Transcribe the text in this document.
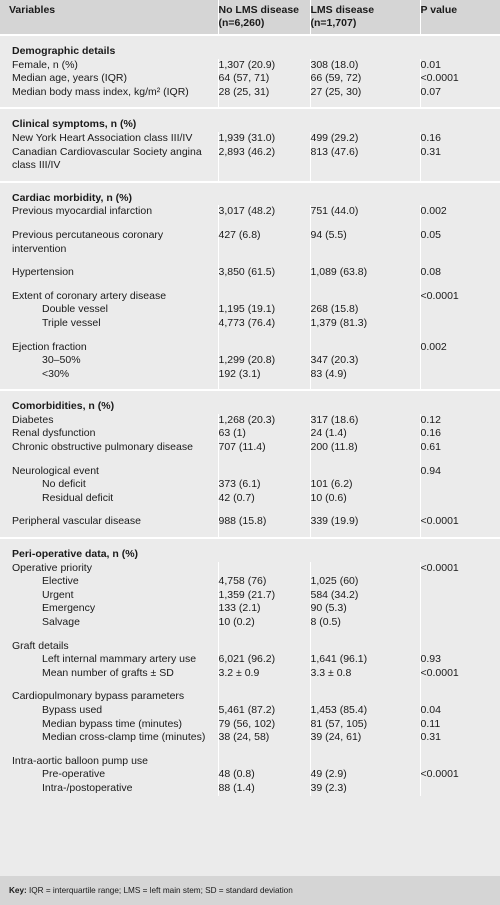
Variables	No LMS disease (n=6,260)	LMS disease (n=1,707)	P value
Demographic details			
Female, n (%)	1,307 (20.9)	308 (18.0)	0.01
Median age, years (IQR)	64 (57, 71)	66 (59, 72)	<0.0001
Median body mass index, kg/m² (IQR)	28 (25, 31)	27 (25, 30)	0.07
Clinical symptoms, n (%)			
New York Heart Association class III/IV	1,939 (31.0)	499 (29.2)	0.16
Canadian Cardiovascular Society angina class III/IV	2,893 (46.2)	813 (47.6)	0.31
Cardiac morbidity, n (%)			
Previous myocardial infarction	3,017 (48.2)	751 (44.0)	0.002
Previous percutaneous coronary intervention	427 (6.8)	94 (5.5)	0.05
Hypertension	3,850 (61.5)	1,089 (63.8)	0.08
Extent of coronary artery disease			<0.0001
Double vessel	1,195 (19.1)	268 (15.8)	
Triple vessel	4,773 (76.4)	1,379 (81.3)	
Ejection fraction			0.002
30–50%	1,299 (20.8)	347 (20.3)	
<30%	192 (3.1)	83 (4.9)	
Comorbidities, n (%)			
Diabetes	1,268 (20.3)	317 (18.6)	0.12
Renal dysfunction	63 (1)	24 (1.4)	0.16
Chronic obstructive pulmonary disease	707 (11.4)	200 (11.8)	0.61
Neurological event			0.94
No deficit	373 (6.1)	101 (6.2)	
Residual deficit	42 (0.7)	10 (0.6)	
Peripheral vascular disease	988 (15.8)	339 (19.9)	<0.0001
Peri-operative data, n (%)			
Operative priority			<0.0001
Elective	4,758 (76)	1,025 (60)	
Urgent	1,359 (21.7)	584 (34.2)	
Emergency	133 (2.1)	90 (5.3)	
Salvage	10 (0.2)	8 (0.5)	
Graft details			
Left internal mammary artery use	6,021 (96.2)	1,641 (96.1)	0.93
Mean number of grafts ± SD	3.2 ± 0.9	3.3 ± 0.8	<0.0001
Cardiopulmonary bypass parameters			
Bypass used	5,461 (87.2)	1,453 (85.4)	0.04
Median bypass time (minutes)	79 (56, 102)	81 (57, 105)	0.11
Median cross-clamp time (minutes)	38 (24, 58)	39 (24, 61)	0.31
Intra-aortic balloon pump use			
Pre-operative	48 (0.8)	49 (2.9)	<0.0001
Intra-/postoperative	88 (1.4)	39 (2.3)	
Key: IQR = interquartile range; LMS = left main stem; SD = standard deviation
